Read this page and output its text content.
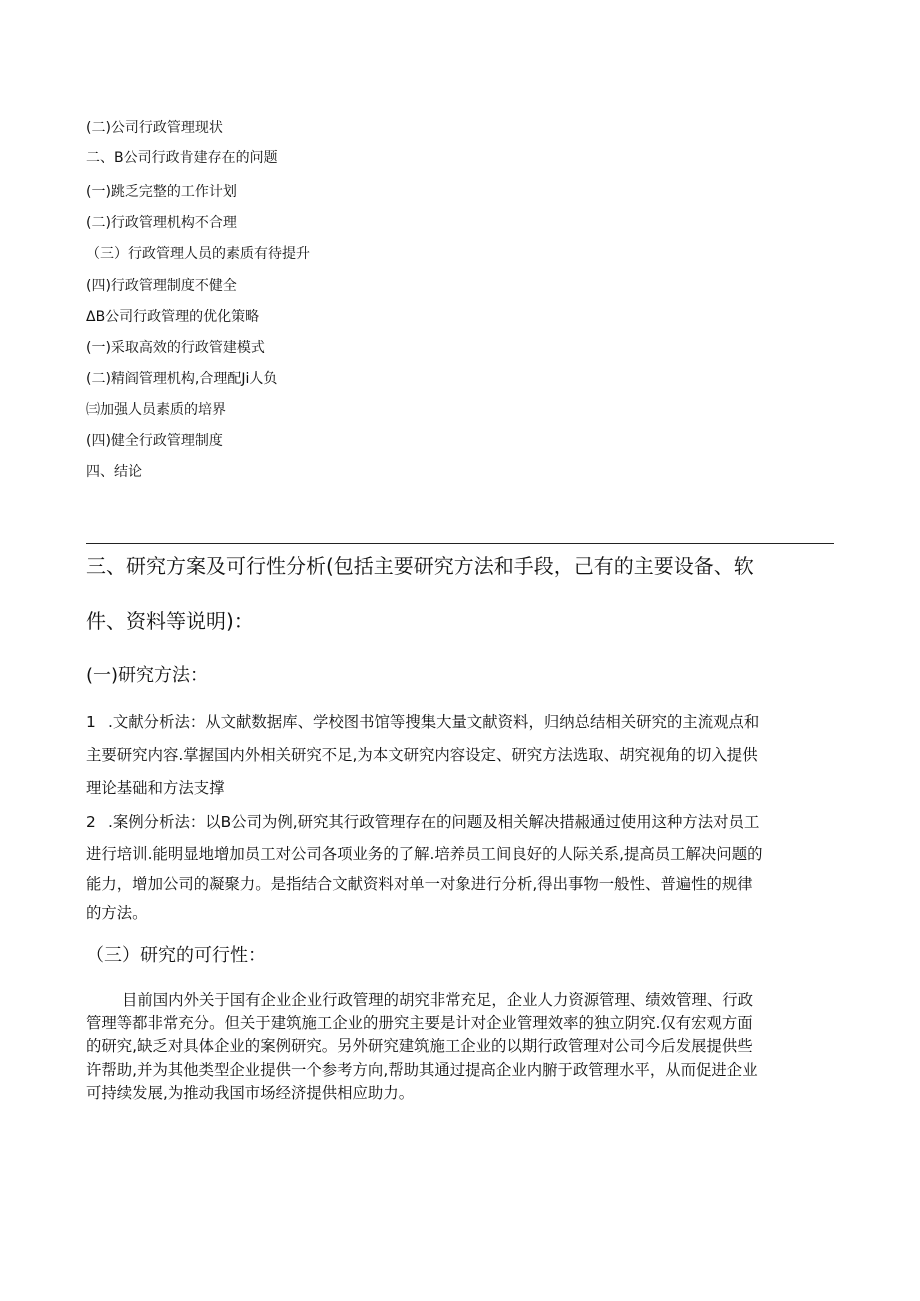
(二)公司行政管理现状
二、B公司行政肯建存在的问题
(一)跳乏完整的工作计划
(二)行政管理机构不合理
（三）行政管理人员的素质有待提升
(四)行政管理制度不健全
ΔB公司行政管理的优化策略
(一)采取高效的行政管建模式
(二)精阎管理机构,合理配Ji人负
㈢加强人员素质的培界
(四)健全行政管理制度
四、结论
三、研究方案及可行性分析(包括主要研究方法和手段，己有的主要设备、软
件、资料等说明)：
(一)研究方法：
1 .文献分析法：从文献数据库、学校图书馆等搜集大量文献资料，归纳总结相关研究的主流观点和
主要研究内容.掌握国内外相关研究不足,为本文研究内容设定、研究方法选取、胡究视角的切入提供
理论基础和方法支撑
2 .案例分析法：以B公司为例,研究其行政管理存在的问题及相关解决措赧通过使用这种方法对员工
进行培训.能明显地增加员工对公司各项业务的了解.培养员工间良好的人际关系,提高员工解决问题的
能力，增加公司的凝聚力。是指结合文献资料对单一对象进行分析,得出事物一般性、普遍性的规律
的方法。
（三）研究的可行性：
目前国内外关于国有企业企业行政管理的胡究非常充足，企业人力资源管理、绩效管理、行政
管理等都非常充分。但关于建筑施工企业的册究主要是计对企业管理效率的独立阴究.仅有宏观方面
的研究,缺乏对具体企业的案例研究。另外研究建筑施工企业的以期行政管理对公司今后发展提供些
许帮助,并为其他类型企业提供一个参考方向,帮助其通过提高企业内腑于政管理水平，从而促进企业
可持续发展,为推动我国市场经济提供相应助力。
